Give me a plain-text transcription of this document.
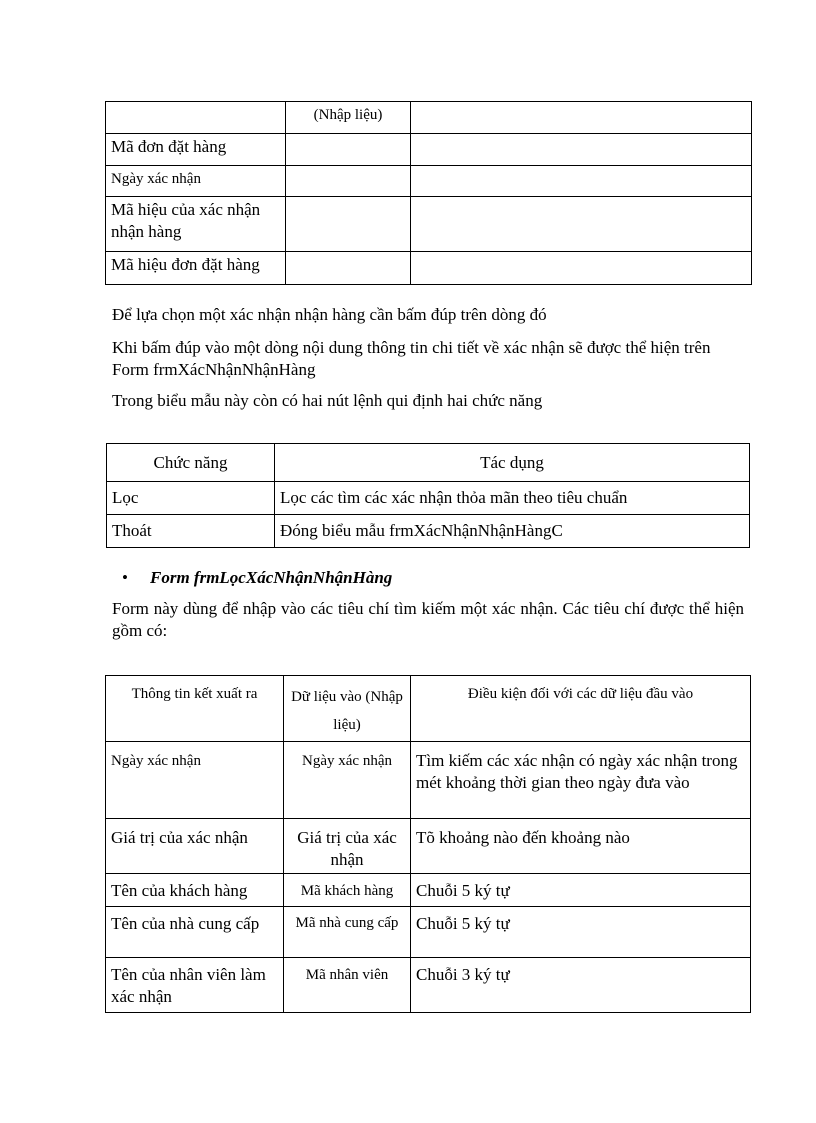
	(Nhập liệu)	
Mã đơn đặt hàng		
Ngày xác nhận		
Mã hiệu của xác nhận nhận hàng		
Mã hiệu đơn đặt hàng		

Để lựa chọn một xác nhận nhận hàng cần bấm đúp trên dòng đó

Khi bấm đúp vào một dòng nội dung thông tin chi tiết về xác nhận sẽ được thể hiện trên Form frmXácNhậnNhậnHàng

Trong biểu mẫu này còn có hai nút lệnh qui định hai chức năng

Chức năng	Tác dụng
Lọc	Lọc các tìm các xác nhận thỏa mãn theo tiêu chuẩn
Thoát	Đóng biểu mẫu frmXácNhậnNhậnHàngC
• Form frmLọcXácNhậnNhậnHàng

Form này dùng để nhập vào các tiêu chí tìm kiếm một xác nhận. Các tiêu chí được thể hiện gồm có:

Thông tin kết xuất ra	Dữ liệu vào (Nhập liệu)	Điều kiện đối với các dữ liệu đầu vào
Ngày xác nhận	Ngày xác nhận	Tìm kiếm các xác nhận có ngày xác nhận trong mét khoảng thời gian theo ngày đưa vào
Giá trị của xác nhận	Giá trị của xác nhận	Tõ khoảng nào đến khoảng nào
Tên của khách hàng	Mã khách hàng	Chuỗi 5 ký tự
Tên của nhà cung cấp	Mã nhà cung cấp	Chuỗi 5 ký tự
Tên của nhân viên làm xác nhận	Mã nhân viên	Chuỗi 3 ký tự
